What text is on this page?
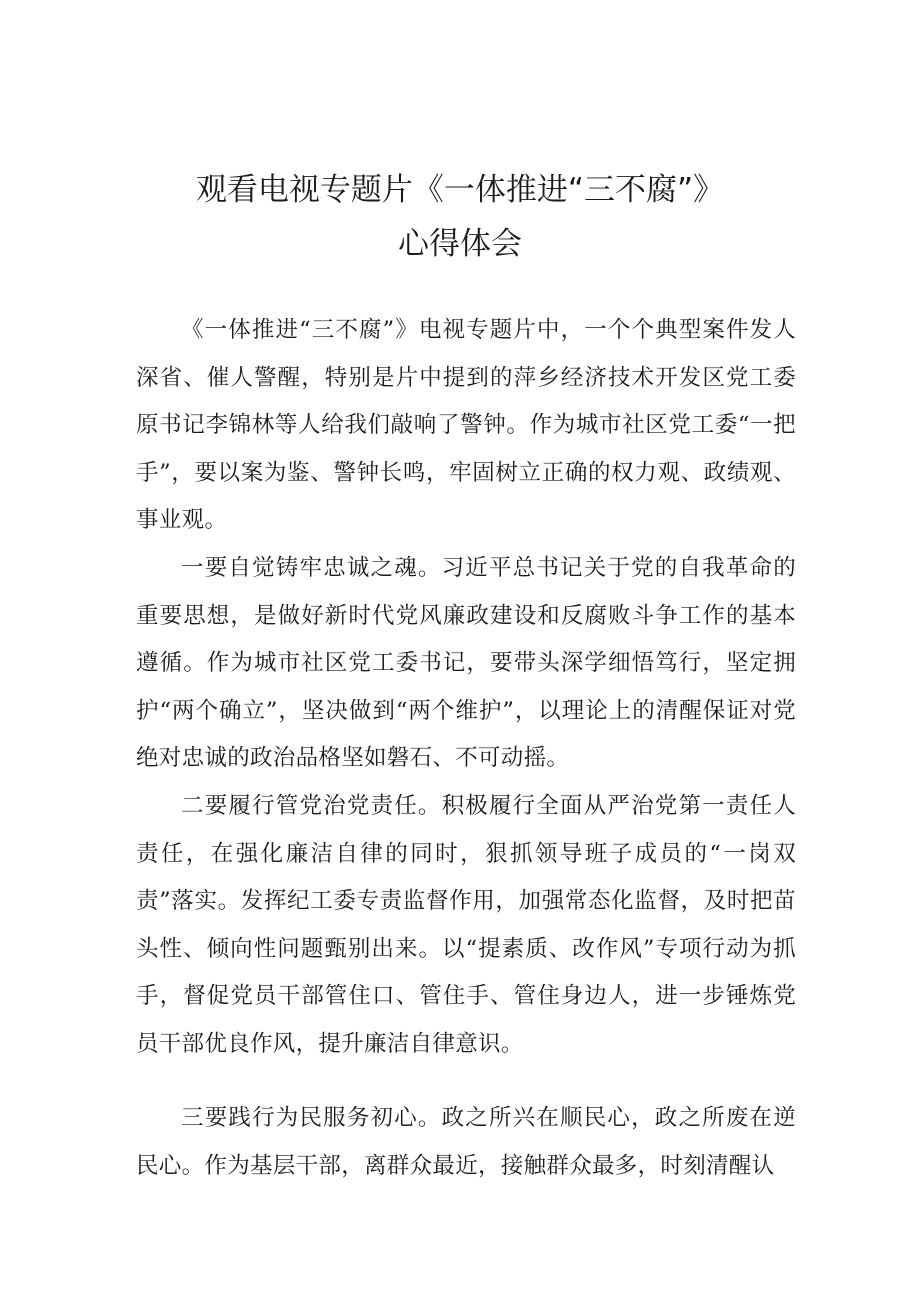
观看电视专题片《一体推进“三不腐”》
心得体会

《一体推进“三不腐”》电视专题片中，一个个典型案件发人深省、催人警醒，特别是片中提到的萍乡经济技术开发区党工委原书记李锦林等人给我们敲响了警钟。作为城市社区党工委“一把手”，要以案为鉴、警钟长鸣，牢固树立正确的权力观、政绩观、事业观。

一要自觉铸牢忠诚之魂。习近平总书记关于党的自我革命的重要思想，是做好新时代党风廉政建设和反腐败斗争工作的基本遵循。作为城市社区党工委书记，要带头深学细悟笃行，坚定拥护“两个确立”，坚决做到“两个维护”，以理论上的清醒保证对党绝对忠诚的政治品格坚如磐石、不可动摇。

二要履行管党治党责任。积极履行全面从严治党第一责任人责任，在强化廉洁自律的同时，狠抓领导班子成员的“一岗双责”落实。发挥纪工委专责监督作用，加强常态化监督，及时把苗头性、倾向性问题甄别出来。以“提素质、改作风”专项行动为抓手，督促党员干部管住口、管住手、管住身边人，进一步锤炼党员干部优良作风，提升廉洁自律意识。

三要践行为民服务初心。政之所兴在顺民心，政之所废在逆民心。作为基层干部，离群众最近，接触群众最多，时刻清醒认
